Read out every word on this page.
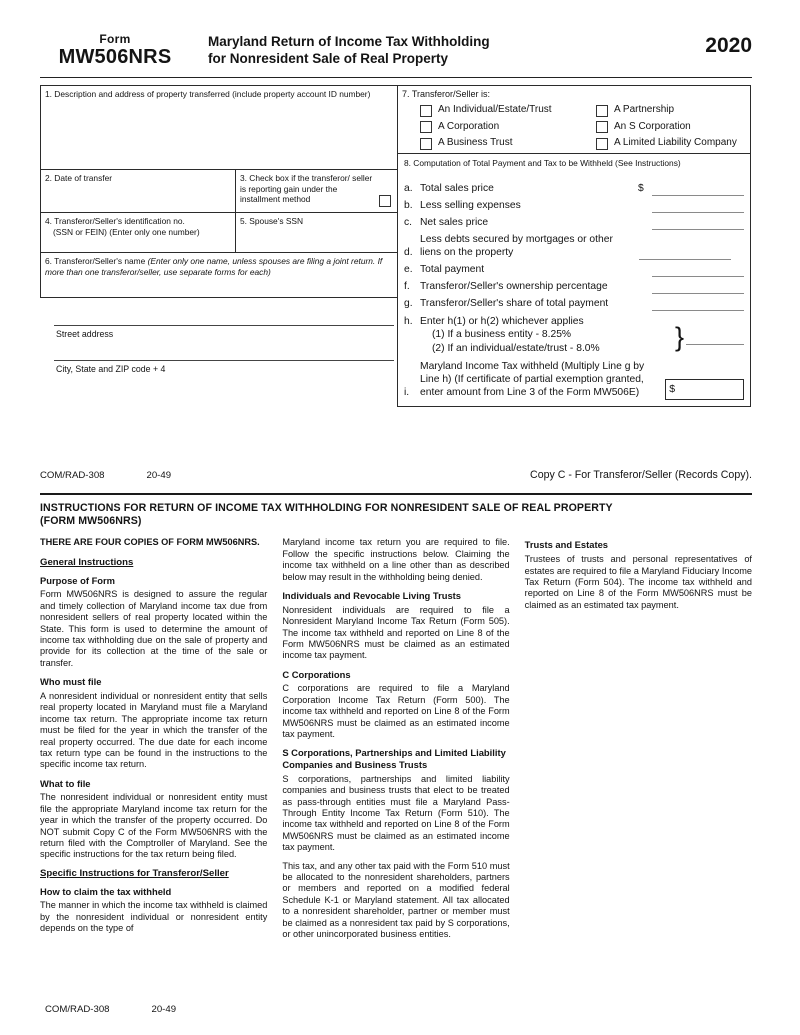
Form
MW506NRS
Maryland Return of Income Tax Withholding
for Nonresident Sale of Real Property
2020
1. Description and address of property transferred (include property account ID number)
2. Date of transfer	3. Check box if the transferor/ seller is reporting gain under the installment method
4. Transferor/Seller's identification no.
(SSN or FEIN) (Enter only one number)
5. Spouse's SSN
6. Transferor/Seller's name (Enter only one name, unless spouses are filing a joint return. If more than one transferor/seller, use separate forms for each)
Street address
City, State and ZIP code + 4
7. Transferor/Seller is:
An Individual/Estate/Trust	A Partnership
A Corporation	An S Corporation
A Business Trust	A Limited Liability Company
8. Computation of Total Payment and Tax to be Withheld (See Instructions)
a. Total sales price	$
b. Less selling expenses
c. Net sales price
d.
Less debts secured by mortgages or other liens on the property
e. Total payment
f. Transferor/Seller's ownership percentage
g. Transferor/Seller's share of total payment
h. Enter h(1) or h(2) whichever applies
(1) If a business entity - 8.25%
(2) If an individual/estate/trust - 8.0%	}
i.
Maryland Income Tax withheld (Multiply Line g by Line h) (If certificate of partial exemption granted, enter amount from Line 3 of the Form MW506E)	$
COM/RAD-308	20-49	Copy C - For Transferor/Seller (Records Copy).
INSTRUCTIONS FOR RETURN OF INCOME TAX WITHHOLDING FOR NONRESIDENT SALE OF REAL PROPERTY
(FORM MW506NRS)

THERE ARE FOUR COPIES OF FORM MW506NRS.

General Instructions

Purpose of Form

Form MW506NRS is designed to assure the regular and timely collection of Maryland income tax due from nonresident sellers of real property located within the State. This form is used to determine the amount of income tax withholding due on the sale of property and provide for its collection at the time of the sale or transfer.

Who must file

A nonresident individual or nonresident entity that sells real property located in Maryland must file a Maryland income tax return. The appropriate income tax return must be filed for the year in which the transfer of the real property occurred. The due date for each income tax return type can be found in the instructions to the specific income tax return.

What to file

The nonresident individual or nonresident entity must file the appropriate Maryland income tax return for the year in which the transfer of the property occurred. Do NOT submit Copy C of the Form MW506NRS with the return filed with the Comptroller of Maryland. See the specific instructions for the tax return being filed.

Specific Instructions for Transferor/Seller

How to claim the tax withheld

The manner in which the income tax withheld is claimed by the nonresident individual or nonresident entity depends on the type of

Maryland income tax return you are required to file. Follow the specific instructions below. Claiming the income tax withheld on a line other than as described below may result in the withholding being denied.

Individuals and Revocable Living Trusts

Nonresident individuals are required to file a Nonresident Maryland Income Tax Return (Form 505). The income tax withheld and reported on Line 8 of the Form MW506NRS must be claimed as an estimated income tax payment.

C Corporations

C corporations are required to file a Maryland Corporation Income Tax Return (Form 500). The income tax withheld and reported on Line 8 of the Form MW506NRS must be claimed as an estimated income tax payment.

S Corporations, Partnerships and Limited Liability Companies and Business Trusts

S corporations, partnerships and limited liability companies and business trusts that elect to be treated as pass-through entities must file a Maryland Pass-Through Entity Income Tax Return (Form 510). The income tax withheld and reported on Line 8 of the Form MW506NRS must be claimed as an estimated income tax payment.

This tax, and any other tax paid with the Form 510 must be allocated to the nonresident shareholders, partners or members and reported on a modified federal Schedule K-1 or Maryland statement. All tax allocated to a nonresident shareholder, partner or member must be claimed as a nonresident tax paid by S corporations, or other unincorporated business entities.

Trusts and Estates

Trustees of trusts and personal representatives of estates are required to file a Maryland Fiduciary Income Tax Return (Form 504). The income tax withheld and reported on Line 8 of the Form MW506NRS must be claimed as an estimated tax payment.

COM/RAD-308	20-49
